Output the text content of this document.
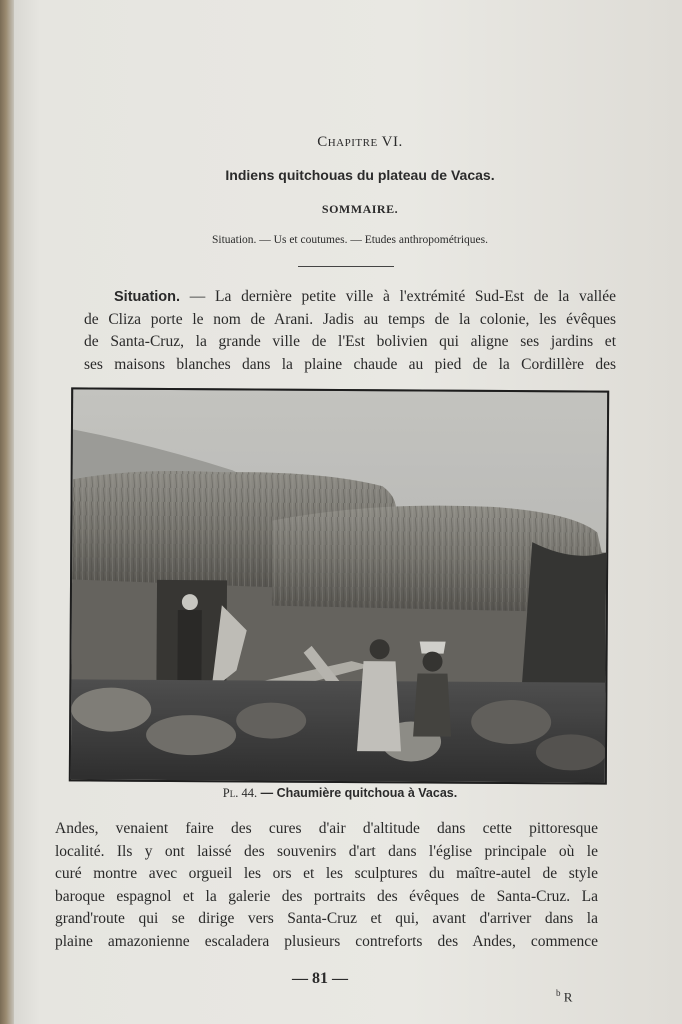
Chapitre VI.
Indiens quitchouas du plateau de Vacas.
SOMMAIRE.
Situation. — Us et coutumes. — Etudes anthropométriques.
Situation. — La dernière petite ville à l'extrémité Sud-Est de la vallée
de Cliza porte le nom de Arani. Jadis au temps de la colonie, les évêques
de Santa-Cruz, la grande ville de l'Est bolivien qui aligne ses jardins et
ses maisons blanches dans la plaine chaude au pied de la Cordillère des
Pl. 44. — Chaumière quitchoua à Vacas.
Andes, venaient faire des cures d'air d'altitude dans cette pittoresque
localité. Ils y ont laissé des souvenirs d'art dans l'église principale où le
curé montre avec orgueil les ors et les sculptures du maître-autel de style
baroque espagnol et la galerie des portraits des évêques de Santa-Cruz. La
grand'route qui se dirige vers Santa-Cruz et qui, avant d'arriver dans la
plaine amazonienne escaladera plusieurs contreforts des Andes, commence
— 81 —
$^b$ R
